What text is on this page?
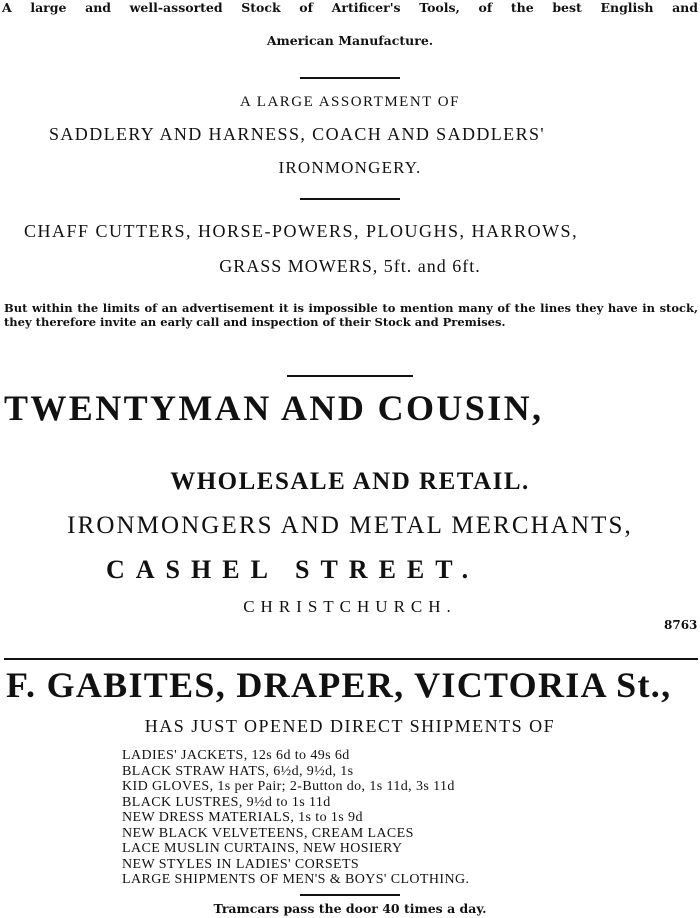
A large and well-assorted Stock of Artificer's Tools, of the best English and
American Manufacture.
A LARGE ASSORTMENT OF
SADDLERY AND HARNESS, COACH AND SADDLERS'
IRONMONGERY.
CHAFF CUTTERS, HORSE-POWERS, PLOUGHS, HARROWS,
GRASS MOWERS, 5ft. and 6ft.
But within the limits of an advertisement it is impossible to mention many of the lines they have in stock, they therefore invite an early call and inspection of their Stock and Premises.
TWENTYMAN AND COUSIN,
WHOLESALE AND RETAIL.
IRONMONGERS AND METAL MERCHANTS,
CASHEL STREET.
CHRISTCHURCH.
8763
F. GABITES, DRAPER, VICTORIA St.,
HAS JUST OPENED DIRECT SHIPMENTS OF
LADIES' JACKETS, 12s 6d to 49s 6d
BLACK STRAW HATS, 6½d, 9½d, 1s
KID GLOVES, 1s per Pair; 2-Button do, 1s 11d, 3s 11d
BLACK LUSTRES, 9½d to 1s 11d
NEW DRESS MATERIALS, 1s to 1s 9d
NEW BLACK VELVETEENS, CREAM LACES
LACE MUSLIN CURTAINS, NEW HOSIERY
NEW STYLES IN LADIES' CORSETS
LARGE SHIPMENTS OF MEN'S & BOYS' CLOTHING.
Tramcars pass the door 40 times a day.
